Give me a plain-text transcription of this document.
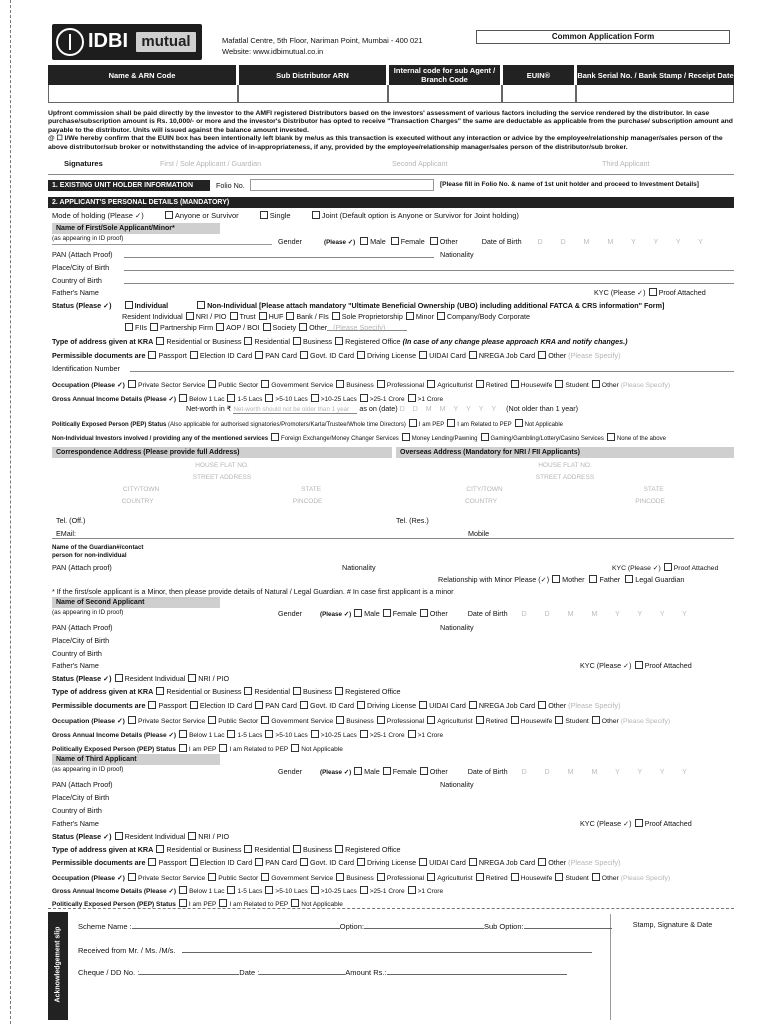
IDBI mutual	Mafatlal Centre, 5th Floor, Nariman Point, Mumbai - 400 021
Website: www.idbimutual.co.in
Common Application Form
Name & ARN Code	Sub Distributor ARN	Internal code for sub Agent / Branch Code	EUIN®	Bank Serial No. / Bank Stamp / Receipt Date
Upfront commission shall be paid directly by the investor to the AMFI registered Distributors based on the investors' assessment of various factors including the service rendered by the distributor. In case purchase/subscription amount is Rs. 10,000/- or more and the investor's Distributor has opted to receive "Transaction Charges" the same are deductable as applicable from the purchase/ subscription amount and payable to the distributor. Units will issued against the balance amount invested.
@ ☐ I/We hereby confirm that the EUIN box has been intentionally left blank by me/us as this transaction is executed without any interaction or advice by the employee/relationship manager/sales person of the above distributor/sub broker or notwithstanding the advice of in-appropriateness, if any, provided by the employee/relationship manager/sales person of the distributor/sub broker.
Signatures	First / Sole Applicant / Guardian	Second Applicant	Third Applicant
1. EXISTING UNIT HOLDER INFORMATION	Folio No.	[Please fill in Folio No. & name of 1st unit holder and proceed to Investment Details]
2. APPLICANT'S PERSONAL DETAILS (MANDATORY)
Mode of holding (Please ✓)	Anyone or Survivor	Single	Joint (Default option is Anyone or Survivor for Joint holding)
Name of First/Sole Applicant/Minor*
(as appearing in ID proof)	Gender	(Please ✓) Male Female Other	Date of Birth D D M M Y Y Y Y
PAN (Attach Proof)	Nationality
Place/City of Birth
Country of Birth
Father's Name	KYC (Please ✓) Proof Attached
Status (Please ✓)	Individual	Non-Individual [Please attach mandatory "Ultimate Beneficial Ownership (UBO) including additional FATCA & CRS information" Form]
Resident Individual NRI / PIO Trust HUF Bank / FIs Sole Proprietorship Minor Company/Body Corporate
FIIs Partnership Firm AOP / BOI Society Other (Please Specify)
Type of address given at KRA Residential or Business Residential Business Registered Office (In case of any change please approach KRA and notify changes.)
Permissible documents are Passport Election ID Card PAN Card Govt. ID Card Driving License UIDAI Card NREGA Job Card Other (Please Specify)
Identification Number
Occupation (Please ✓) Private Sector Service Public Sector Government Service Business Professional Agriculturist Retired Housewife Student Other (Please Specify)
Gross Annual Income Details (Please ✓) Below 1 Lac 1-5 Lacs >5-10 Lacs >10-25 Lacs >25-1 Crore >1 Crore
Net-worth in ₹ Net-worth should not be older than 1 year as on (date) DDMMYYYY (Not older than 1 year)
Politically Exposed Person (PEP) Status (Also applicable for authorised signatories/Promoters/Karta/Trustee/Whole time Directors) I am PEP I am Related to PEP Not Applicable
Non-Individual Investors involved / providing any of the mentioned services Foreign Exchange/Money Changer Services Money Lending/Pawning Gaming/Gambling/Lottery/Casino Services None of the above
Correspondence Address (Please provide full Address)	Overseas Address (Mandatory for NRI / FII Applicants)
HOUSE FLAT NO.
STREET ADDRESS
CITY/TOWN	STATE
COUNTRY	PINCODE
HOUSE FLAT NO.
STREET ADDRESS
CITY/TOWN	STATE
COUNTRY	PINCODE
Tel. (Off.)	Tel. (Res.)
EMail:	Mobile
Name of the Guardian#/contact person for non-individual
PAN (Attach proof)	Nationality	KYC (Please ✓) Proof Attached
Relationship with Minor Please (✓) Mother Father Legal Guardian
* If the first/sole applicant is a Minor, then please provide details of Natural / Legal Guardian. # In case first applicant is a minor
Name of Second Applicant
(as appearing in ID proof)	Gender	(Please ✓) Male Female Other	Date of Birth D D M M Y Y Y Y
PAN (Attach Proof)	Nationality
Place/City of Birth
Country of Birth
Father's Name	KYC (Please ✓) Proof Attached
Status (Please ✓) Resident Individual NRI / PIO
Type of address given at KRA Residential or Business Residential Business Registered Office
Permissible documents are Passport Election ID Card PAN Card Govt. ID Card Driving License UIDAI Card NREGA Job Card Other (Please Specify)
Occupation (Please ✓) Private Sector Service Public Sector Government Service Business Professional Agriculturist Retired Housewife Student Other (Please Specify)
Gross Annual Income Details (Please ✓) Below 1 Lac 1-5 Lacs >5-10 Lacs >10-25 Lacs >25-1 Crore >1 Crore
Politically Exposed Person (PEP) Status I am PEP I am Related to PEP Not Applicable
Name of Third Applicant
(as appearing in ID proof)	Gender	(Please ✓) Male Female Other	Date of Birth D D M M Y Y Y Y
PAN (Attach Proof)	Nationality
Place/City of Birth
Country of Birth
Father's Name	KYC (Please ✓) Proof Attached
Status (Please ✓) Resident Individual NRI / PIO
Type of address given at KRA Residential or Business Residential Business Registered Office
Permissible documents are Passport Election ID Card PAN Card Govt. ID Card Driving License UIDAI Card NREGA Job Card Other (Please Specify)
Occupation (Please ✓) Private Sector Service Public Sector Government Service Business Professional Agriculturist Retired Housewife Student Other (Please Specify)
Gross Annual Income Details (Please ✓) Below 1 Lac 1-5 Lacs >5-10 Lacs >10-25 Lacs >25-1 Crore >1 Crore
Politically Exposed Person (PEP) Status I am PEP I am Related to PEP Not Applicable
Acknowledgement slip
Stamp, Signature & Date
Scheme Name :	Option:	Sub Option:
Received from Mr. / Ms. /M/s.
Cheque / DD No. :	Date :	Amount Rs.:
